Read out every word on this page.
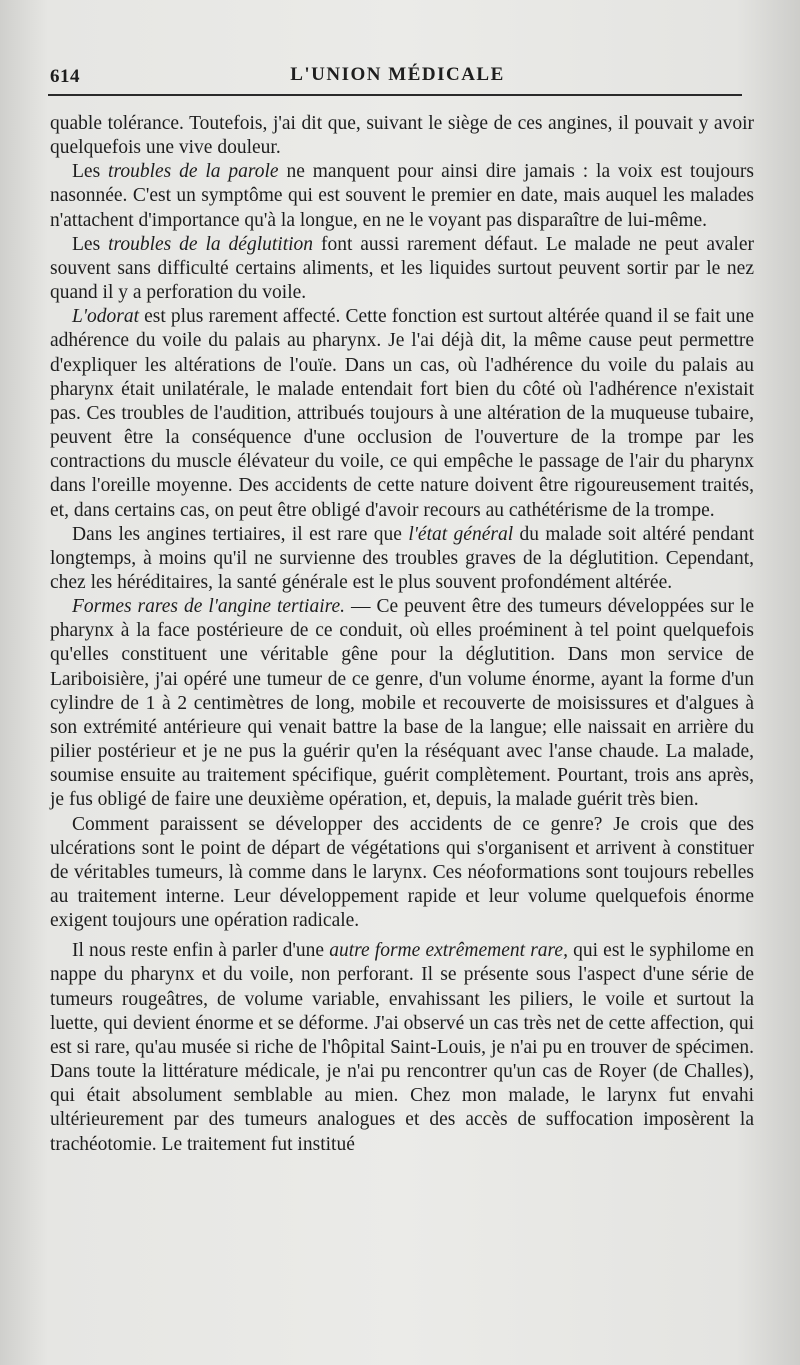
614	L'UNION MÉDICALE

quable tolérance. Toutefois, j'ai dit que, suivant le siège de ces angines, il pouvait y avoir quelquefois une vive douleur.

Les troubles de la parole ne manquent pour ainsi dire jamais : la voix est toujours nasonnée. C'est un symptôme qui est souvent le premier en date, mais auquel les malades n'attachent d'importance qu'à la longue, en ne le voyant pas disparaître de lui-même.

Les troubles de la déglutition font aussi rarement défaut. Le malade ne peut avaler souvent sans difficulté certains aliments, et les liquides surtout peuvent sortir par le nez quand il y a perforation du voile.

L'odorat est plus rarement affecté. Cette fonction est surtout altérée quand il se fait une adhérence du voile du palais au pharynx. Je l'ai déjà dit, la même cause peut permettre d'expliquer les altérations de l'ouïe. Dans un cas, où l'adhérence du voile du palais au pharynx était unilatérale, le malade entendait fort bien du côté où l'adhérence n'existait pas. Ces troubles de l'audition, attribués toujours à une altération de la muqueuse tubaire, peuvent être la conséquence d'une occlusion de l'ouverture de la trompe par les contractions du muscle élévateur du voile, ce qui empêche le passage de l'air du pharynx dans l'oreille moyenne. Des accidents de cette nature doivent être rigoureusement traités, et, dans certains cas, on peut être obligé d'avoir recours au cathétérisme de la trompe.

Dans les angines tertiaires, il est rare que l'état général du malade soit altéré pendant longtemps, à moins qu'il ne survienne des troubles graves de la déglutition. Cependant, chez les héréditaires, la santé générale est le plus souvent profondément altérée.

Formes rares de l'angine tertiaire. — Ce peuvent être des tumeurs développées sur le pharynx à la face postérieure de ce conduit, où elles proéminent à tel point quelquefois qu'elles constituent une véritable gêne pour la déglutition. Dans mon service de Lariboisière, j'ai opéré une tumeur de ce genre, d'un volume énorme, ayant la forme d'un cylindre de 1 à 2 centimètres de long, mobile et recouverte de moisissures et d'algues à son extrémité antérieure qui venait battre la base de la langue; elle naissait en arrière du pilier postérieur et je ne pus la guérir qu'en la réséquant avec l'anse chaude. La malade, soumise ensuite au traitement spécifique, guérit complètement. Pourtant, trois ans après, je fus obligé de faire une deuxième opération, et, depuis, la malade guérit très bien.

Comment paraissent se développer des accidents de ce genre? Je crois que des ulcérations sont le point de départ de végétations qui s'organisent et arrivent à constituer de véritables tumeurs, là comme dans le larynx. Ces néoformations sont toujours rebelles au traitement interne. Leur développement rapide et leur volume quelquefois énorme exigent toujours une opération radicale.

Il nous reste enfin à parler d'une autre forme extrêmement rare, qui est le syphilome en nappe du pharynx et du voile, non perforant. Il se présente sous l'aspect d'une série de tumeurs rougeâtres, de volume variable, envahissant les piliers, le voile et surtout la luette, qui devient énorme et se déforme. J'ai observé un cas très net de cette affection, qui est si rare, qu'au musée si riche de l'hôpital Saint-Louis, je n'ai pu en trouver de spécimen. Dans toute la littérature médicale, je n'ai pu rencontrer qu'un cas de Royer (de Challes), qui était absolument semblable au mien. Chez mon malade, le larynx fut envahi ultérieurement par des tumeurs analogues et des accès de suffocation imposèrent la trachéotomie. Le traitement fut institué
